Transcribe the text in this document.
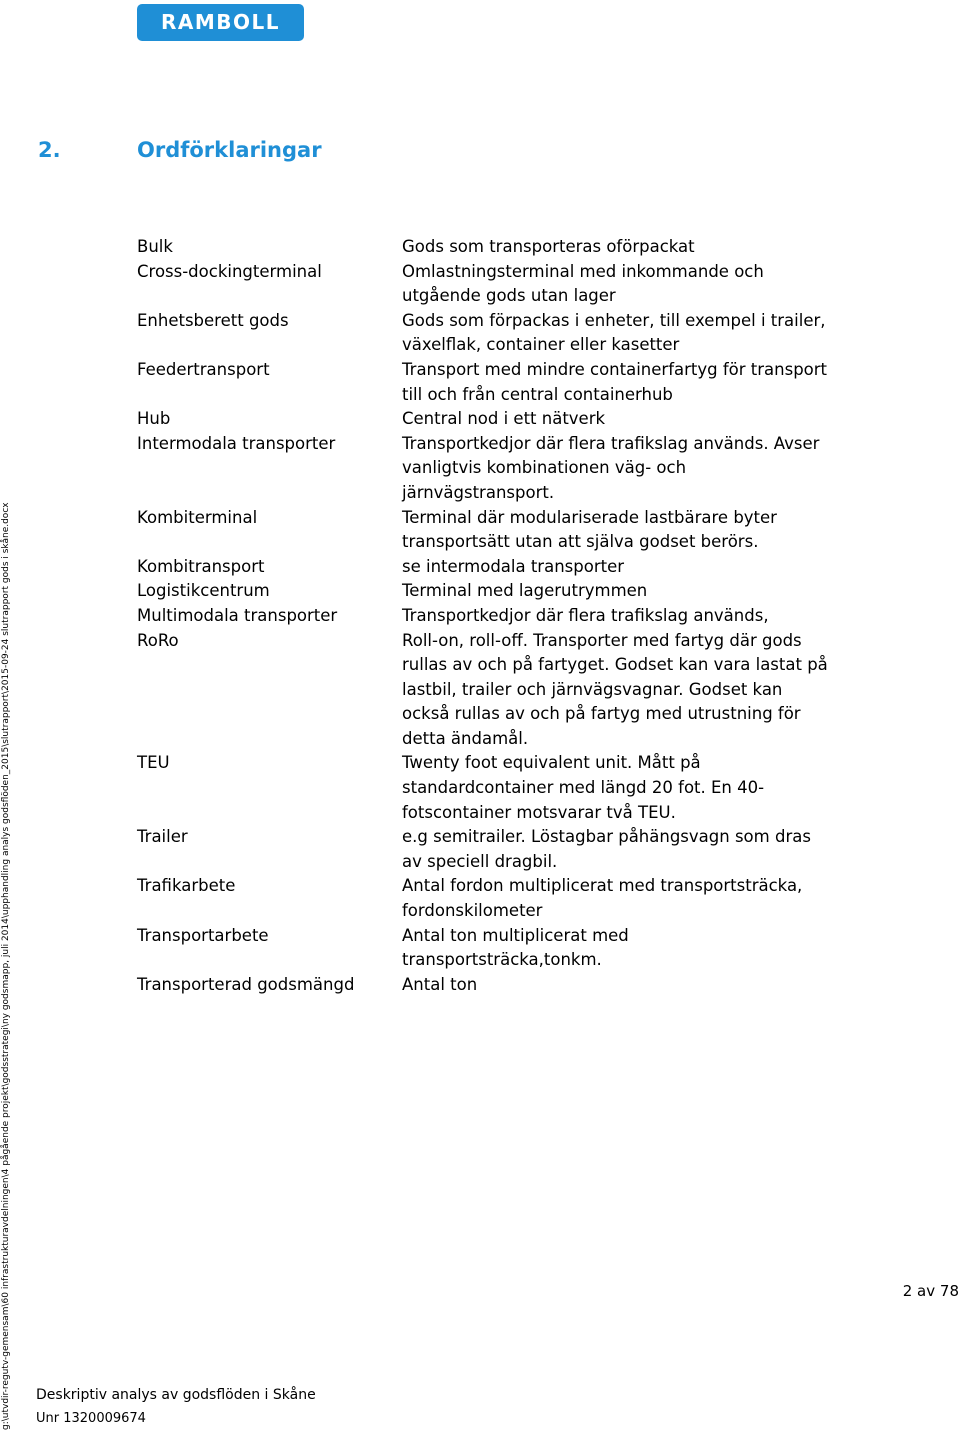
RAMBOLL
2.	Ordförklaringar
Bulk	Gods som transporteras oförpackat
Cross-dockingterminal	Omlastningsterminal med inkommande och
utgående gods utan lager
Enhetsberett gods	Gods som förpackas i enheter, till exempel i trailer,
växelflak, container eller kasetter
Feedertransport	Transport med mindre containerfartyg för transport
till och från central containerhub
Hub	Central nod i ett nätverk
Intermodala transporter	Transportkedjor där flera trafikslag används. Avser
vanligtvis kombinationen väg- och
järnvägstransport.
Kombiterminal	Terminal där modulariserade lastbärare byter
transportsätt utan att själva godset berörs.
Kombitransport	se intermodala transporter
Logistikcentrum	Terminal med lagerutrymmen
Multimodala transporter	Transportkedjor där flera trafikslag används,
RoRo	Roll-on, roll-off. Transporter med fartyg där gods
rullas av och på fartyget. Godset kan vara lastat på
lastbil, trailer och järnvägsvagnar. Godset kan
också rullas av och på fartyg med utrustning för
detta ändamål.
TEU	Twenty foot equivalent unit. Mått på
standardcontainer med längd 20 fot. En 40-
fotscontainer motsvarar två TEU.
Trailer	e.g semitrailer. Löstagbar påhängsvagn som dras
av speciell dragbil.
Trafikarbete	Antal fordon multiplicerat med transportsträcka,
fordonskilometer
Transportarbete	Antal ton multiplicerat med
transportsträcka,tonkm.
Transporterad godsmängd	Antal ton
g:\utvdir-regutv-gemensam\60 infrastrukturavdelningen\4 pågående projekt\godsstrategi\ny godsmapp, juli 2014\upphandling analys godsflöden_2015\slutrapport\2015-09-24 slutrapport gods i skåne.docx	2 av 78
Deskriptiv analys av godsflöden i Skåne
Unr 1320009674
